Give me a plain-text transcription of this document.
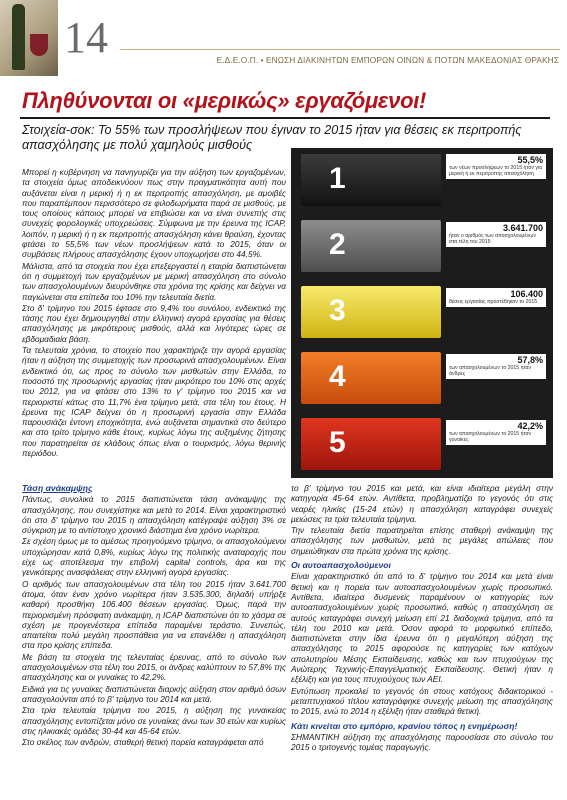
14	Ε.Δ.Ε.Ο.Π. • ΕΝΩΣΗ ΔΙΑΚΙΝΗΤΩΝ ΕΜΠΟΡΩΝ ΟΙΝΩΝ & ΠΟΤΩΝ ΜΑΚΕΔΟΝΙΑΣ ΘΡΑΚΗΣ
Πληθύνονται οι «μερικώς» εργαζόμενοι!
Στοιχεία-σοκ: Το 55% των προσλήψεων που έγιναν το 2015 ήταν για θέσεις εκ περιτροπής απασχόλησης με πολύ χαμηλούς μισθούς

Μπορεί η κυβέρνηση να πανηγυρίζει για την αύξηση των εργαζομένων, τα στοιχεία όμως αποδεικνύουν πως στην πραγματικότητα αυτή που αυξάνεται είναι η μερική ή η εκ περιτροπής απασχόληση, με αμοιβές που παραπέμπουν περισσότερο σε φιλοδωρήματα παρά σε μισθούς, με τους οποίους κάποιος μπορεί να επιβιώσει και να είναι συνεπής στις συνεχείς φορολογικές υποχρεώσεις. Σύμφωνα με την έρευνα της ΙCAP, λοιπόν, η μερική ή η εκ περιτροπής απασχόληση κάνει θραύση, έχοντας φτάσει το 55,5% των νέων προσλήψεων κατά το 2015, όταν οι συμβάσεις πλήρους απασχόλησης έχουν υποχωρήσει στο 44,5%.

Μάλιστα, από τα στοιχεία που έχει επεξεργαστεί η εταιρία διαπιστώνεται ότι η συμμετοχή των εργαζομένων με μερική απασχόληση στο σύνολο των απασχολουμένων διευρύνθηκε στα χρόνια της κρίσης και δείχνει να παγιώνεται στα επίπεδα του 10% την τελευταία διετία.

Στο δ' τρίμηνο του 2015 έφτασε στο 9,4% του συνόλου, ενδεικτικό της τάσης που έχει δημιουργηθεί στην ελληνική αγορά εργασίας για θέσεις απασχόλησης με μικρότερους μισθούς, αλλά και λιγότερες ώρες σε εβδομαδιαία βάση.

Τα τελευταία χρόνια, το στοιχείο που χαρακτήριζε την αγορά εργασίας ήταν η αύξηση της συμμετοχής των προσωρινά απασχολουμένων. Είναι ενδεικτικό ότι, ως προς το σύνολο των μισθωτών στην Ελλάδα, το ποσοστό της προσωρινής εργασίας ήταν μικρότερο του 10% στις αρχές του 2012, για να φτάσει στο 13% το γ' τρίμηνο του 2015 και να περιοριστεί κάτως στο 11,7% ένα τρίμηνο μετά, στα τέλη του έτους. Η έρευνα της ΙCAP δείχνει ότι η προσωρινή εργασία στην Ελλάδα παρουσιάζει έντονη εποχικότητα, ενώ αυξάνεται σημαντικά στο δεύτερο και στο τρίτο τρίμηνο κάθε έτους, κυρίως λόγω της αυξημένης ζήτησης που παρατηρείται σε κλάδους όπως είναι ο τουρισμός, λόγω θερινής περιόδου.

1
55,5%
των νέων προσλήψεων το 2015 ήταν για μερική ή εκ περιτροπής απασχόληση
2	3.641.700
ήταν ο αριθμός των απασχολουμένων στα τέλη του 2015
3	106.400
θέσεις εργασίας προστέθηκαν το 2015
4	57,8%
των απασχολουμένων το 2015 ήταν άνδρες
5	42,2%
των απασχολουμένων το 2015 ήταν γυναίκες
Τάση ανάκαμψης

Πάντως, συνολικά το 2015 διαπιστώνεται τάση ανάκαμψης της απασχόλησης, που συνεχίστηκε και μετά το 2014. Είναι χαρακτηριστικό ότι στο δ' τρίμηνο του 2015 η απασχόληση κατέγραψε αύξηση 3% σε σύγκριση με το αντίστοιχο χρονικό διάστημα ένα χρόνο νωρίτερα.

Σε σχέση όμως με το αμέσως προηγούμενο τρίμηνο, οι απασχολούμενοι υποχώρησαν κατά 0,8%, κυρίως λόγω της πολιτικής αναταραχής που είχε ως αποτέλεσμα την επιβολή capital controls, άρα και της γενικότερης ανασφάλειας στην ελληνική αγορά εργασίας.

Ο αριθμός των απασχολουμένων στα τέλη του 2015 ήταν 3.641.700 άτομα, όταν έναν χρόνο νωρίτερα ήταν 3.535.300, δηλαδή υπήρξε καθαρή προσθήκη 106.400 θέσεων εργασίας. Όμως, παρά την περιορισμένη πρόσφατη ανάκαμψη, η ΙCAP διαπιστώνει ότι το χάσμα σε σχέση με προγενέστερα επίπεδα παραμένει τεράστιο. Συνεπώς, απαιτείται πολύ μεγάλη προσπάθεια για να επανέλθει η απασχόληση στα προ κρίσης επίπεδα.

Με βάση τα στοιχεία της τελευταίας έρευνας, από το σύνολο των απασχολουμένων στα τέλη του 2015, οι άνδρες καλύπτουν το 57,8% της απασχόλησης και οι γυναίκες το 42,2%.

Ειδικά για τις γυναίκες διαπιστώνεται διαρκής αύξηση στον αριθμό όσων απασχολούνται από το β' τρίμηνο του 2014 και μετά.

Στα τρία τελευταία τρίμηνα του 2015, η αύξηση της γυναικείας απασχόλησης εντοπίζεται μόνο σε γυναίκες άνω των 30 ετών και κυρίως στις ηλικιακές ομάδες 30-44 και 45-64 ετών.

Στο σκέλος των ανδρών, σταθερή θετική πορεία καταγράφεται από

το β' τρίμηνο του 2015 και μετά, και είναι ιδιαίτερα μεγάλη στην κατηγορία 45-64 ετών. Αντίθετα, προβληματίζει το γεγονός ότι στις νεαρές ηλικίες (15-24 ετών) η απασχόληση καταγράφει συνεχείς μειώσεις τα τρία τελευταία τρίμηνα.

Την τελευταία διετία παρατηρείται επίσης σταθερή ανάκαμψη της απασχόλησης των μισθωτών, μετά τις μεγάλες απώλειες που σημειώθηκαν στα πρώτα χρόνια της κρίσης.

Οι αυτοαπασχολούμενοι

Είναι χαρακτηριστικό ότι από το δ' τρίμηνο του 2014 και μετά είναι θετική και η πορεία των αυτοαπασχολουμένων χωρίς προσωπικό. Αντίθετα, ιδιαίτερα δυσμενείς παραμένουν οι κατηγορίες των αυτοαπασχολουμένων χωρίς προσωπικό, καθώς η απασχόληση σε αυτούς καταγράφει συνεχή μείωση επί 21 διαδοχικά τρίμηνα, από τα τέλη του 2010 και μετά. Όσον αφορά το μορφωτικό επίπεδο, διαπιστώνεται στην ίδια έρευνα ότι η μεγαλύτερη αύξηση της απασχόλησης το 2015 αφορούσε τις κατηγορίες των κατόχων απολυτηρίου Μέσης Εκπαίδευσης, καθώς και των πτυχιούχων της Ανώτερης Τεχνικής-Επαγγελματικής Εκπαίδευσης. Θετική ήταν η εξέλιξη και για τους πτυχιούχους των ΑΕΙ.

Εντύπωση προκαλεί το γεγονός ότι στους κατόχους διδακτορικού - μεταπτυχιακού τίτλου καταγράφηκε συνεχής μείωση της απασχόλησης το 2015, ενώ το 2014 η εξέλιξη ήταν σταθερά θετική.

Κάτι κινείται στο εμπόριο, κρανίου τόπος η ενημέρωση!

ΣΗΜΑΝΤΙΚΗ αύξηση της απασχόλησης παρουσίασε στο σύνολο του 2015 ο τριτογενής τομέας παραγωγής.
